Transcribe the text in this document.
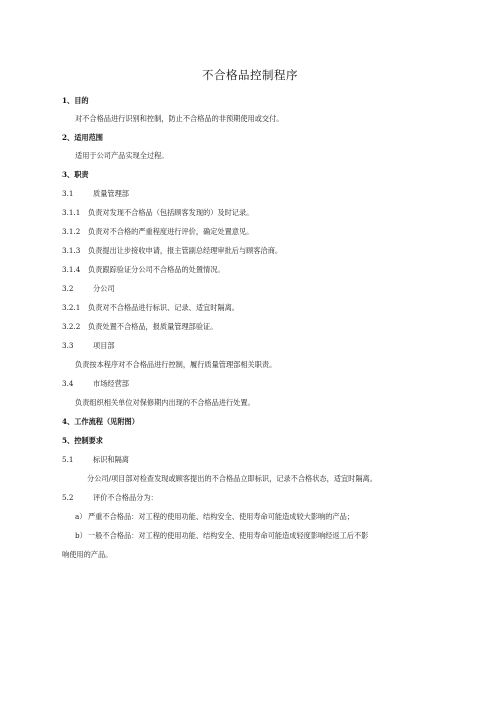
不合格品控制程序
1、目的
对不合格品进行识别和控制，防止不合格品的非预期使用或交付。
2、适用范围
适用于公司产品实现全过程。
3、职责
3.1	质量管理部
3.1.1 负责对发现不合格品（包括顾客发现的）及时记录。
3.1.2 负责对不合格的严重程度进行评价，确定处置意见。
3.1.3 负责提出让步接收申请，报主管副总经理审批后与顾客洽商。
3.1.4 负责跟踪验证分公司不合格品的处置情况。
3.2	分公司
3.2.1 负责对不合格品进行标识、记录、适宜时隔离。
3.2.2 负责处置不合格品，报质量管理部验证。
3.3	项目部
负责按本程序对不合格品进行控制，履行质量管理部相关职责。
3.4	市场经营部
负责组织相关单位对保修期内出现的不合格品进行处置。
4、工作流程（见附图）
5、控制要求
5.1	标识和隔离
分公司/项目部对检查发现或顾客提出的不合格品立即标识，记录不合格状态，适宜时隔离。
5.2	评价不合格品分为：
a） 严重不合格品：对工程的使用功能、结构安全、使用寿命可能造成较大影响的产品；
b）一般不合格品：对工程的使用功能、结构安全、使用寿命可能造成轻度影响经返工后不影
响使用的产品。
